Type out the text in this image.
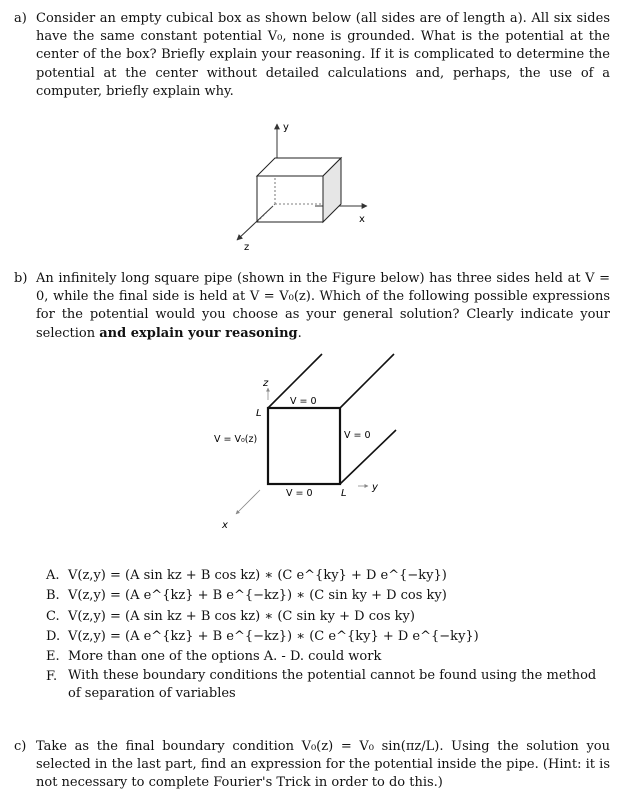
a) Consider an empty cubical box as shown below (all sides are of length a). All six sides have the same constant potential V₀, none is grounded. What is the potential at the center of the box? Briefly explain your reasoning. If it is complicated to determine the potential at the center without detailed calculations and, perhaps, the use of a computer, briefly explain why.
y
x
z
b) An infinitely long square pipe (shown in the Figure below) has three sides held at V = 0, while the final side is held at V = V₀(z). Which of the following possible expressions for the potential would you choose as your general solution? Clearly indicate your selection and explain your reasoning.
z
L
y
L
x
V = 0
V = V₀(z)	V = 0
V = 0
A. V(z,y) = (A sin kz + B cos kz) ∗ (C e^{ky} + D e^{−ky})
B. V(z,y) = (A e^{kz} + B e^{−kz}) ∗ (C sin ky + D cos ky)
C. V(z,y) = (A sin kz + B cos kz) ∗ (C sin ky + D cos ky)
D. V(z,y) = (A e^{kz} + B e^{−kz}) ∗ (C e^{ky} + D e^{−ky})
E. More than one of the options A. - D. could work
F. With these boundary conditions the potential cannot be found using the method of separation of variables
c) Take as the final boundary condition V₀(z) = V₀ sin(πz/L). Using the solution you selected in the last part, find an expression for the potential inside the pipe. (Hint: it is not necessary to complete Fourier's Trick in order to do this.)
